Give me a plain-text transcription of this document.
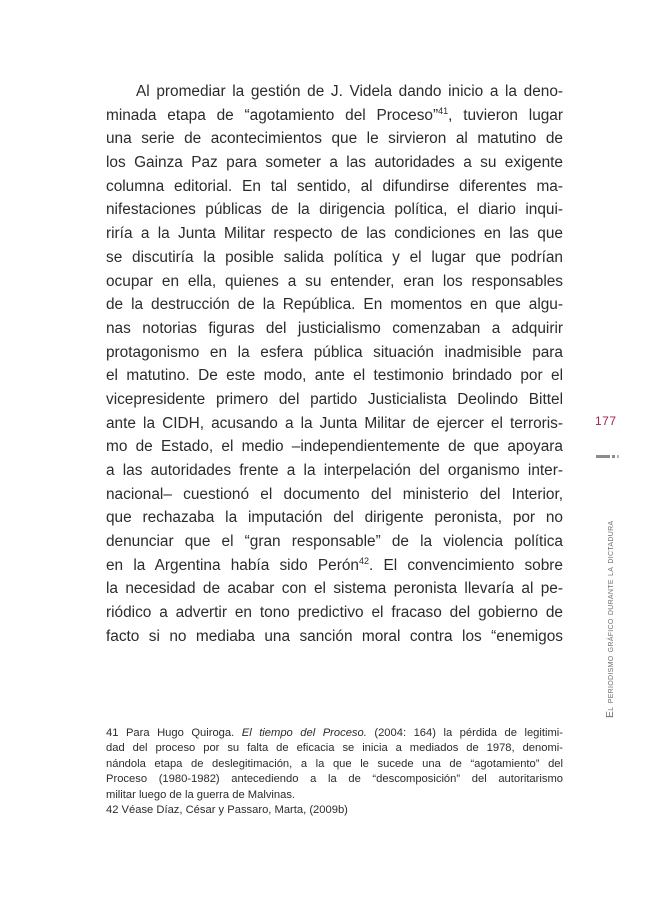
Al promediar la gestión de J. Videla dando inicio a la deno-
minada etapa de “agotamiento del Proceso”$^{41}$, tuvieron lugar
una serie de acontecimientos que le sirvieron al matutino de
los Gainza Paz para someter a las autoridades a su exigente
columna editorial. En tal sentido, al difundirse diferentes ma-
nifestaciones públicas de la dirigencia política, el diario inqui-
riría a la Junta Militar respecto de las condiciones en las que
se discutiría la posible salida política y el lugar que podrían
ocupar en ella, quienes a su entender, eran los responsables
de la destrucción de la República. En momentos en que algu-
nas notorias figuras del justicialismo comenzaban a adquirir
protagonismo en la esfera pública situación inadmisible para
el matutino. De este modo, ante el testimonio brindado por el
vicepresidente primero del partido Justicialista Deolindo Bittel
ante la CIDH, acusando a la Junta Militar de ejercer el terroris-
mo de Estado, el medio –independientemente de que apoyara
a las autoridades frente a la interpelación del organismo inter-
nacional– cuestionó el documento del ministerio del Interior,
que rechazaba la imputación del dirigente peronista, por no
denunciar que el “gran responsable” de la violencia política
en la Argentina había sido Perón$^{42}$. El convencimiento sobre
la necesidad de acabar con el sistema peronista llevaría al pe-
riódico a advertir en tono predictivo el fracaso del gobierno de
facto si no mediaba una sanción moral contra los “enemigos
41 Para Hugo Quiroga. El tiempo del Proceso. (2004: 164) la pérdida de legitimi-
dad del proceso por su falta de eficacia se inicia a mediados de 1978, denomi-
nándola etapa de deslegitimación, a la que le sucede una de “agotamiento” del
Proceso (1980-1982) antecediendo a la de “descomposición” del autoritarismo
militar luego de la guerra de Malvinas.
42 Véase Díaz, César y Passaro, Marta, (2009b)
177
El periodismo gráfico durante la dictadura
